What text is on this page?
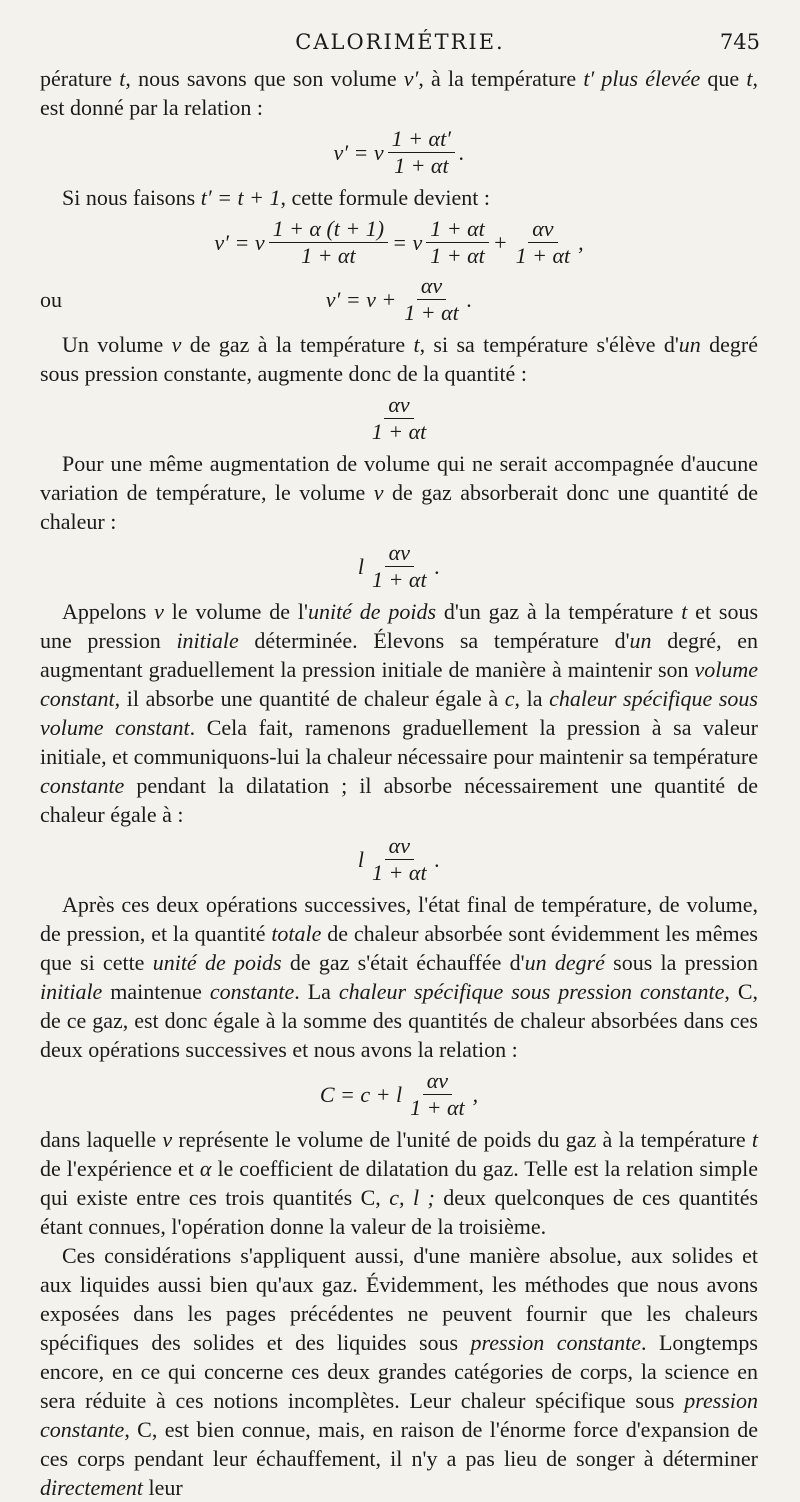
CALORIMÉTRIE.	745

pérature t, nous savons que son volume v′, à la température t′ plus élevée que t, est donné par la relation :

v′ = v $\frac{1 + \alpha t'}{1 + \alpha t}$ .

Si nous faisons t′ = t + 1, cette formule devient :

v′ = v $\frac{1 + \alpha (t + 1)}{1 + \alpha t} = v \frac{1 + \alpha t}{1 + \alpha t} + \frac{\alpha v}{1 + \alpha t}$ ,
ou	$v' = v + \frac{\alpha v}{1 + \alpha t}$ .

Un volume v de gaz à la température t, si sa température s'élève d'un degré sous pression constante, augmente donc de la quantité :

$\frac{\alpha v}{1 + \alpha t}$

Pour une même augmentation de volume qui ne serait accompagnée d'aucune variation de température, le volume v de gaz absorberait donc une quantité de chaleur :

l $\frac{\alpha v}{1 + \alpha t}$ .

Appelons v le volume de l'unité de poids d'un gaz à la température t et sous une pression initiale déterminée. Élevons sa température d'un degré, en augmentant graduellement la pression initiale de manière à maintenir son volume constant, il absorbe une quantité de chaleur égale à c, la chaleur spécifique sous volume constant. Cela fait, ramenons graduellement la pression à sa valeur initiale, et communiquons-lui la chaleur nécessaire pour maintenir sa température constante pendant la dilatation ; il absorbe nécessairement une quantité de chaleur égale à :

l $\frac{\alpha v}{1 + \alpha t}$ .

Après ces deux opérations successives, l'état final de température, de volume, de pression, et la quantité totale de chaleur absorbée sont évidemment les mêmes que si cette unité de poids de gaz s'était échauffée d'un degré sous la pression initiale maintenue constante. La chaleur spécifique sous pression constante, C, de ce gaz, est donc égale à la somme des quantités de chaleur absorbées dans ces deux opérations successives et nous avons la relation :

C = c + l $\frac{\alpha v}{1 + \alpha t}$ ,

dans laquelle v représente le volume de l'unité de poids du gaz à la température t de l'expérience et α le coefficient de dilatation du gaz. Telle est la relation simple qui existe entre ces trois quantités C, c, l ; deux quelconques de ces quantités étant connues, l'opération donne la valeur de la troisième.

Ces considérations s'appliquent aussi, d'une manière absolue, aux solides et aux liquides aussi bien qu'aux gaz. Évidemment, les méthodes que nous avons exposées dans les pages précédentes ne peuvent fournir que les chaleurs spécifiques des solides et des liquides sous pression constante. Longtemps encore, en ce qui concerne ces deux grandes catégories de corps, la science en sera réduite à ces notions incomplètes. Leur chaleur spécifique sous pression constante, C, est bien connue, mais, en raison de l'énorme force d'expansion de ces corps pendant leur échauffement, il n'y a pas lieu de songer à déterminer directement leur
